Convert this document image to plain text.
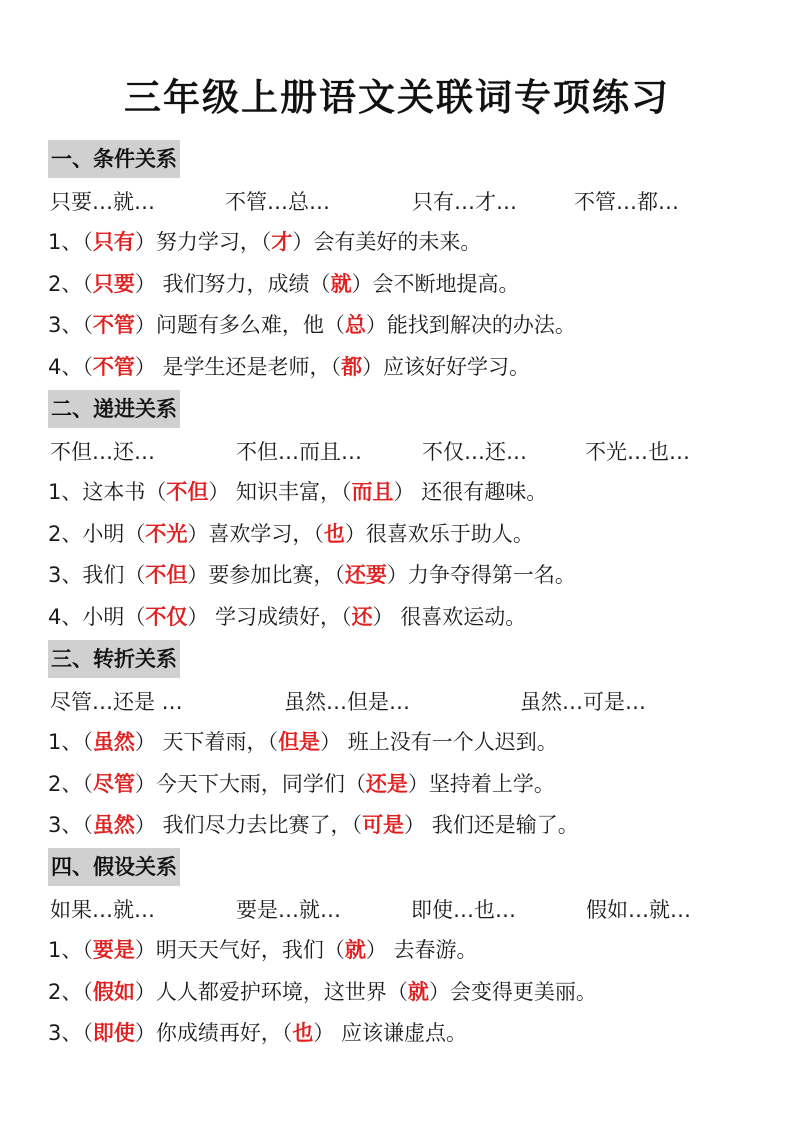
三年级上册语文关联词专项练习
一、条件关系
只要…就…	不管…总…	只有…才…	不管…都…
1、（只有）努力学习，（才）会有美好的未来。
2、（只要） 我们努力，成绩（就）会不断地提高。
3、（不管）问题有多么难，他（总）能找到解决的办法。
4、（不管） 是学生还是老师，（都）应该好好学习。
二、递进关系
不但…还…	不但…而且…	不仅…还…	不光…也…
1、这本书（不但） 知识丰富，（而且） 还很有趣味。
2、小明（不光）喜欢学习，（也）很喜欢乐于助人。
3、我们（不但）要参加比赛，（还要）力争夺得第一名。
4、小明（不仅） 学习成绩好，（还） 很喜欢运动。
三、转折关系
尽管…还是 …	虽然…但是…	虽然…可是…
1、（虽然） 天下着雨，（但是） 班上没有一个人迟到。
2、（尽管）今天下大雨，同学们（还是）坚持着上学。
3、（虽然） 我们尽力去比赛了，（可是） 我们还是输了。
四、假设关系
如果…就…	要是…就…	即使…也…	假如…就…
1、（要是）明天天气好，我们（就） 去春游。
2、（假如）人人都爱护环境，这世界（就）会变得更美丽。
3、（即使）你成绩再好，（也） 应该谦虚点。
